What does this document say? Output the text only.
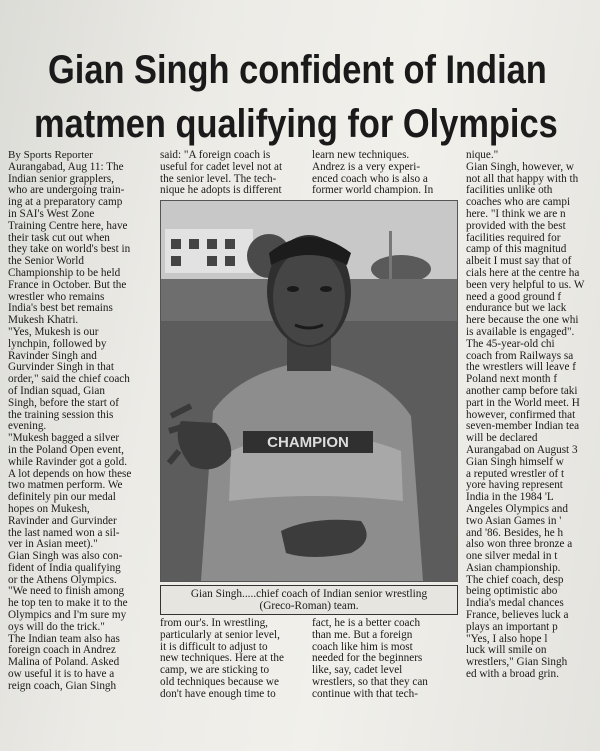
Gian Singh confident of Indian
matmen qualifying for Olympics

By Sports Reporter

Aurangabad, Aug 11: The
Indian senior grapplers,
who are undergoing train-
ing at a preparatory camp
in SAI's West Zone
Training Centre here, have
their task cut out when
they take on world's best in
the Senior World
Championship to be held
France in October. But the
wrestler who remains
India's best bet remains
Mukesh Khatri.
"Yes, Mukesh is our
lynchpin, followed by
Ravinder Singh and
Gurvinder Singh in that
order," said the chief coach
of Indian squad, Gian
Singh, before the start of
the training session this
evening.
"Mukesh bagged a silver
in the Poland Open event,
while Ravinder got a gold.
A lot depends on how these
two matmen perform. We
definitely pin our medal
hopes on Mukesh,
Ravinder and Gurvinder
the last named won a sil-
ver in Asian meet)."
Gian Singh was also con-
fident of India qualifying
or the Athens Olympics.
"We need to finish among
he top ten to make it to the
Olympics and I'm sure my
oys will do the trick."
The Indian team also has
foreign coach in Andrez
Malina of Poland. Asked
ow useful it is to have a
reign coach, Gian Singh
said: "A foreign coach is
useful for cadet level not at
the senior level. The tech-
nique he adopts is different
learn new techniques.
Andrez is a very experi-
enced coach who is also a
former world champion. In
CHAMPION
Gian Singh.....chief coach of Indian senior wrestling
(Greco-Roman) team.
from our's. In wrestling,
particularly at senior level,
it is difficult to adjust to
new techniques. Here at the
camp, we are sticking to
old techniques because we
don't have enough time to
fact, he is a better coach
than me. But a foreign
coach like him is most
needed for the beginners
like, say, cadet level
wrestlers, so that they can
continue with that tech-
nique."
Gian Singh, however, w
not all that happy with th
facilities unlike oth
coaches who are campi
here. "I think we are n
provided with the best
facilities required for
camp of this magnitud
albeit I must say that of
cials here at the centre ha
been very helpful to us. W
need a good ground f
endurance but we lack
here because the one whi
is available is engaged".
The 45-year-old chi
coach from Railways sa
the wrestlers will leave f
Poland next month f
another camp before taki
part in the World meet. H
however, confirmed that
seven-member Indian tea
will be declared
Aurangabad on August 3
Gian Singh himself w
a reputed wrestler of t
yore having represent
India in the 1984 'L
Angeles Olympics and
two Asian Games in '
and '86. Besides, he h
also won three bronze a
one silver medal in t
Asian championship.
The chief coach, desp
being optimistic abo
India's medal chances
France, believes luck a
plays an important p
"Yes, I also hope l
luck will smile on
wrestlers," Gian Singh
ed with a broad grin.
